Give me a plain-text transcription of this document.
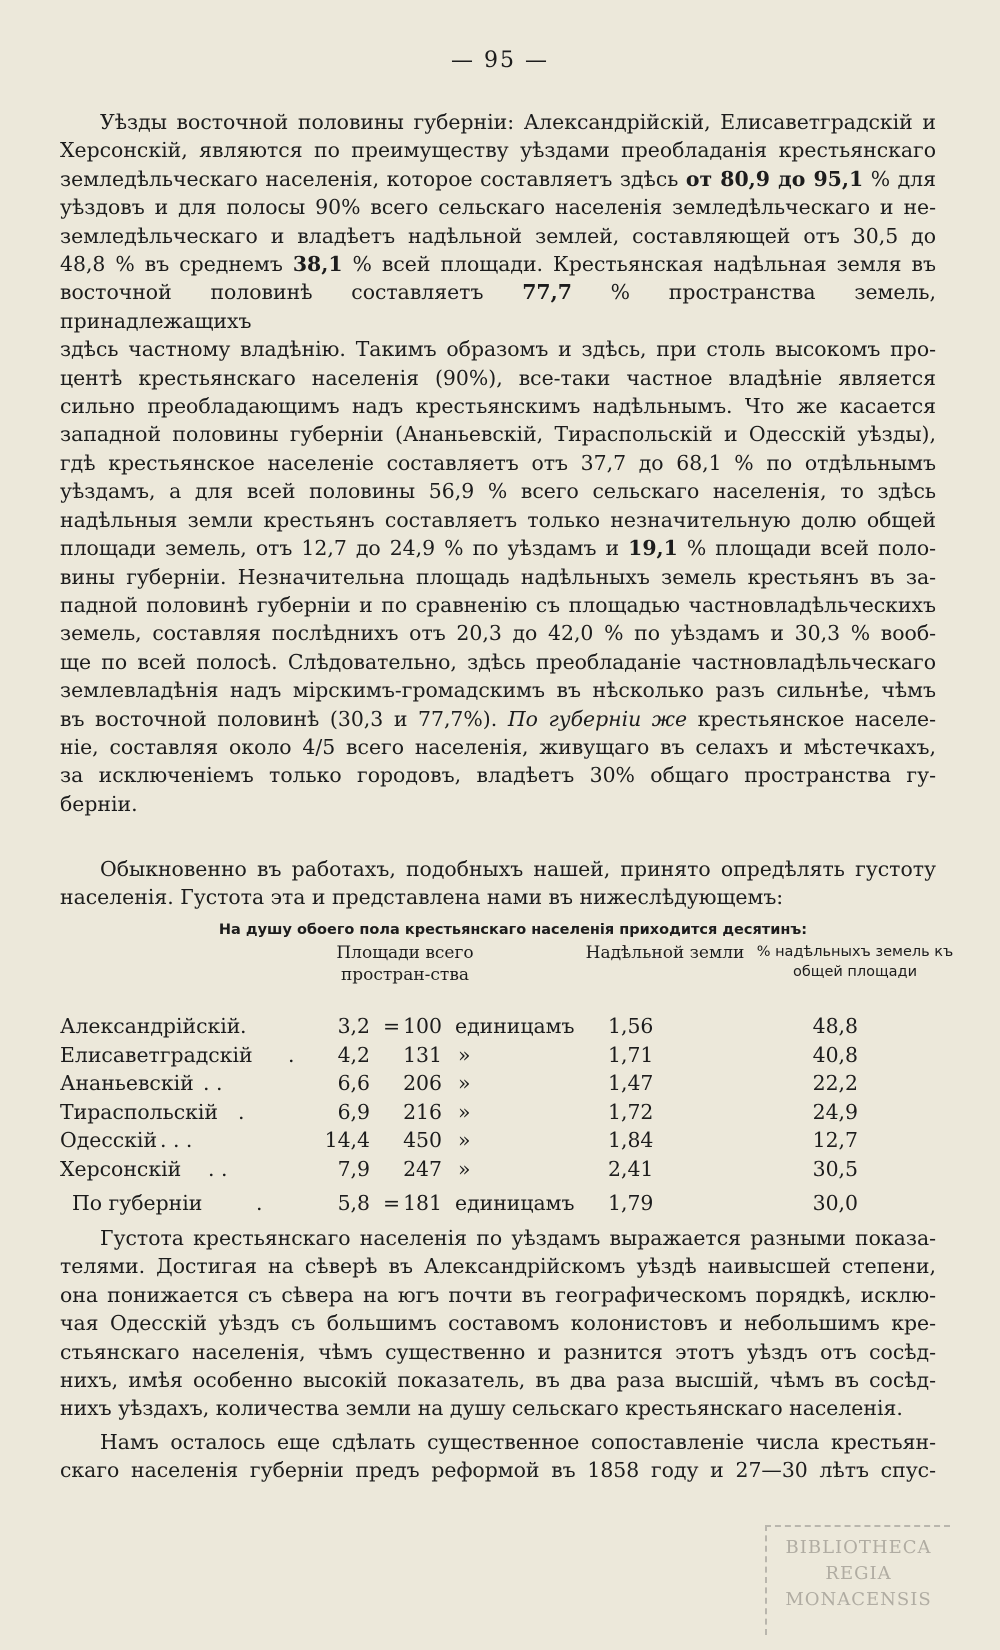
— 95 —

Уѣзды восточной половины губерніи: Александрійскій, Елисаветградскій и

Херсонскій, являются по преимуществу уѣздами преобладанія крестьянскаго

земледѣльческаго населенія, которое составляетъ здѣсь от 80,9 до 95,1 % для

уѣздовъ и для полосы 90% всего сельскаго населенія земледѣльческаго и не-

земледѣльческаго и владѣетъ надѣльной землей, составляющей отъ 30,5 до

48,8 % въ среднемъ 38,1 % всей площади. Крестьянская надѣльная земля въ

восточной половинѣ составляетъ 77,7 % пространства земель, принадлежащихъ

здѣсь частному владѣнію. Такимъ образомъ и здѣсь, при столь высокомъ про-

центѣ крестьянскаго населенія (90%), все-таки частное владѣніе является

сильно преобладающимъ надъ крестьянскимъ надѣльнымъ. Что же касается

западной половины губерніи (Ананьевскій, Тираспольскій и Одесскій уѣзды),

гдѣ крестьянское населеніе составляетъ отъ 37,7 до 68,1 % по отдѣльнымъ

уѣздамъ, а для всей половины 56,9 % всего сельскаго населенія, то здѣсь

надѣльныя земли крестьянъ составляетъ только незначительную долю общей

площади земель, отъ 12,7 до 24,9 % по уѣздамъ и 19,1 % площади всей поло-

вины губерніи. Незначительна площадь надѣльныхъ земель крестьянъ въ за-

падной половинѣ губерніи и по сравненію съ площадью частновладѣльческихъ

земель, составляя послѣднихъ отъ 20,3 до 42,0 % по уѣздамъ и 30,3 % вооб-

ще по всей полосѣ. Слѣдовательно, здѣсь преобладаніе частновладѣльческаго

землевладѣнія надъ мірскимъ-громадскимъ въ нѣсколько разъ сильнѣе, чѣмъ

въ восточной половинѣ (30,3 и 77,7%). По губерніи же крестьянское населе-

ніе, составляя около 4/5 всего населенія, живущаго въ селахъ и мѣстечкахъ,

за исключеніемъ только городовъ, владѣетъ 30% общаго пространства гу-

берніи.

Обыкновенно въ работахъ, подобныхъ нашей, принято опредѣлять густоту

населенія. Густота эта и представлена нами въ нижеслѣдующемъ:

На душу обоего пола крестьянскаго населенія приходится десятинъ:
Площади всего простран-ства
Надѣльной земли % надѣльныхъ земель къ общей площади
Александрійскій .	3,2 = 100 единицамъ 1,56	48,8
Елисаветградскій	.	4,2	131 »	1,71	40,8
Ананьевскій . .	6,6	206 »	1,47	22,2
Тираспольскій .	6,9	216 »	1,72	24,9
Одесскій . . .	14,4	450 »	1,84	12,7
Херсонскій	. .	7,9	247 »	2,41	30,5
По губерніи	.	5,8 = 181 единицамъ 1,79	30,0

Густота крестьянскаго населенія по уѣздамъ выражается разными показа-

телями. Достигая на сѣверѣ въ Александрійскомъ уѣздѣ наивысшей степени,

она понижается съ сѣвера на югъ почти въ географическомъ порядкѣ, исклю-

чая Одесскій уѣздъ съ большимъ составомъ колонистовъ и небольшимъ кре-

стьянскаго населенія, чѣмъ существенно и разнится этотъ уѣздъ отъ сосѣд-

нихъ, имѣя особенно высокій показатель, въ два раза высшій, чѣмъ въ сосѣд-

нихъ уѣздахъ, количества земли на душу сельскаго крестьянскаго населенія.

Намъ осталось еще сдѣлать существенное сопоставленіе числа крестьян-

скаго населенія губерніи предъ реформой въ 1858 году и 27—30 лѣтъ спус-

BIBLIOTHECA
REGIA
MONACENSIS
